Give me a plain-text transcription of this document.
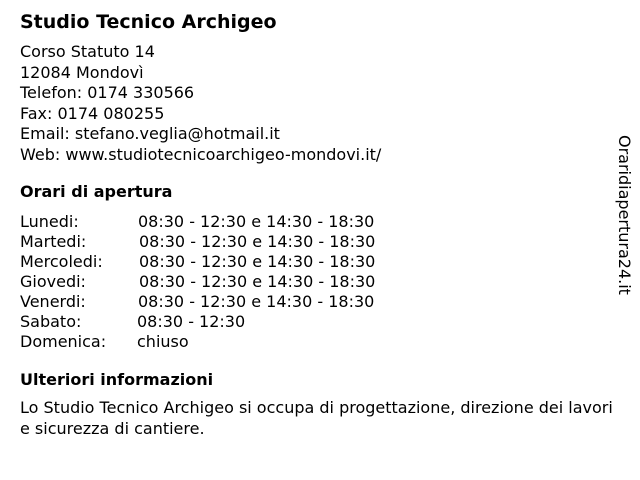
Studio Tecnico Archigeo
Corso Statuto 14
12084 Mondovì
Telefon: 0174 330566
Fax: 0174 080255
Email: stefano.veglia@hotmail.it
Web: www.studiotecnicoarchigeo-mondovi.it/
Orari di apertura
Lunedi:	08:30 - 12:30 e 14:30 - 18:30
Martedi:	08:30 - 12:30 e 14:30 - 18:30
Mercoledi: 08:30 - 12:30 e 14:30 - 18:30
Giovedi:	08:30 - 12:30 e 14:30 - 18:30
Venerdi:	08:30 - 12:30 e 14:30 - 18:30
Sabato:	08:30 - 12:30
Domenica: chiuso
Ulteriori informazioni
Lo Studio Tecnico Archigeo si occupa di progettazione, direzione dei lavori e sicurezza di cantiere.
Oraridiapertura24.it
